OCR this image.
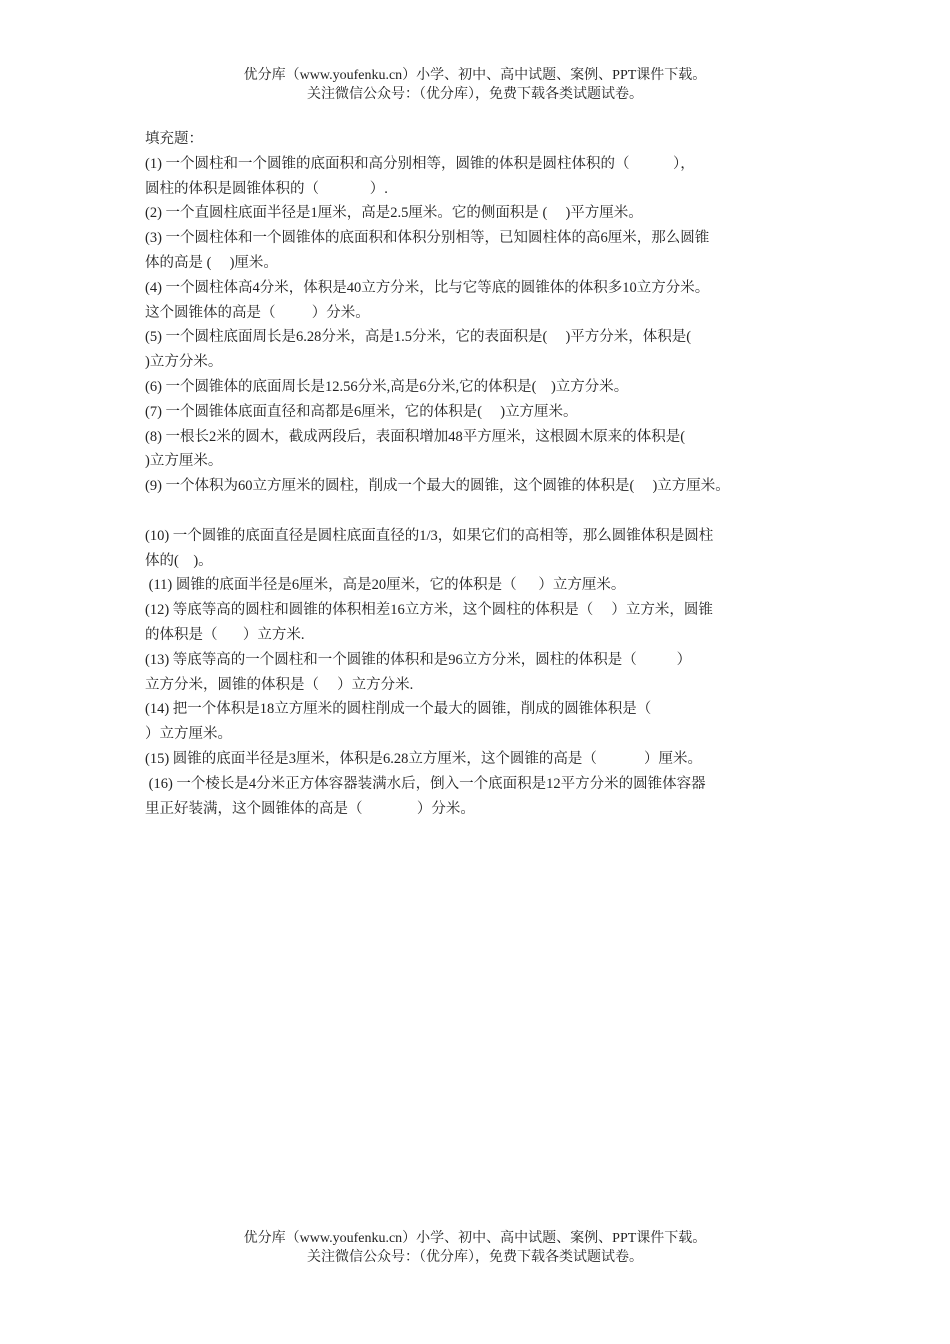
优分库（www.youfenku.cn）小学、初中、高中试题、案例、PPT课件下载。
关注微信公众号：（优分库），免费下载各类试题试卷。
填充题：
(1) 一个圆柱和一个圆锥的底面积和高分别相等，圆锥的体积是圆柱体积的（            ），
圆柱的体积是圆锥体积的（              ）.
(2) 一个直圆柱底面半径是1厘米，高是2.5厘米。它的侧面积是 (     )平方厘米。
(3) 一个圆柱体和一个圆锥体的底面积和体积分别相等，已知圆柱体的高6厘米，那么圆锥
体的高是 (     )厘米。
(4) 一个圆柱体高4分米，体积是40立方分米，比与它等底的圆锥体的体积多10立方分米。
这个圆锥体的高是（          ）分米。
(5) 一个圆柱底面周长是6.28分米，高是1.5分米，它的表面积是(     )平方分米，体积是(
)立方分米。
(6) 一个圆锥体的底面周长是12.56分米,高是6分米,它的体积是(    )立方分米。
(7) 一个圆锥体底面直径和高都是6厘米，它的体积是(     )立方厘米。
(8) 一根长2米的圆木，截成两段后，表面积增加48平方厘米，这根圆木原来的体积是(
)立方厘米。
(9) 一个体积为60立方厘米的圆柱，削成一个最大的圆锥，这个圆锥的体积是(     )立方厘米。
(10) 一个圆锥的底面直径是圆柱底面直径的1/3，如果它们的高相等，那么圆锥体积是圆柱
体的(    )。
(11) 圆锥的底面半径是6厘米，高是20厘米，它的体积是（      ）立方厘米。
(12) 等底等高的圆柱和圆锥的体积相差16立方米，这个圆柱的体积是（     ）立方米，圆锥
的体积是（       ）立方米.
(13) 等底等高的一个圆柱和一个圆锥的体积和是96立方分米，圆柱的体积是（           ）
立方分米，圆锥的体积是（     ）立方分米.
(14) 把一个体积是18立方厘米的圆柱削成一个最大的圆锥，削成的圆锥体积是（
）立方厘米。
(15) 圆锥的底面半径是3厘米，体积是6.28立方厘米，这个圆锥的高是（             ）厘米。
(16) 一个棱长是4分米正方体容器装满水后，倒入一个底面积是12平方分米的圆锥体容器
里正好装满，这个圆锥体的高是（               ）分米。
优分库（www.youfenku.cn）小学、初中、高中试题、案例、PPT课件下载。
关注微信公众号：（优分库），免费下载各类试题试卷。
